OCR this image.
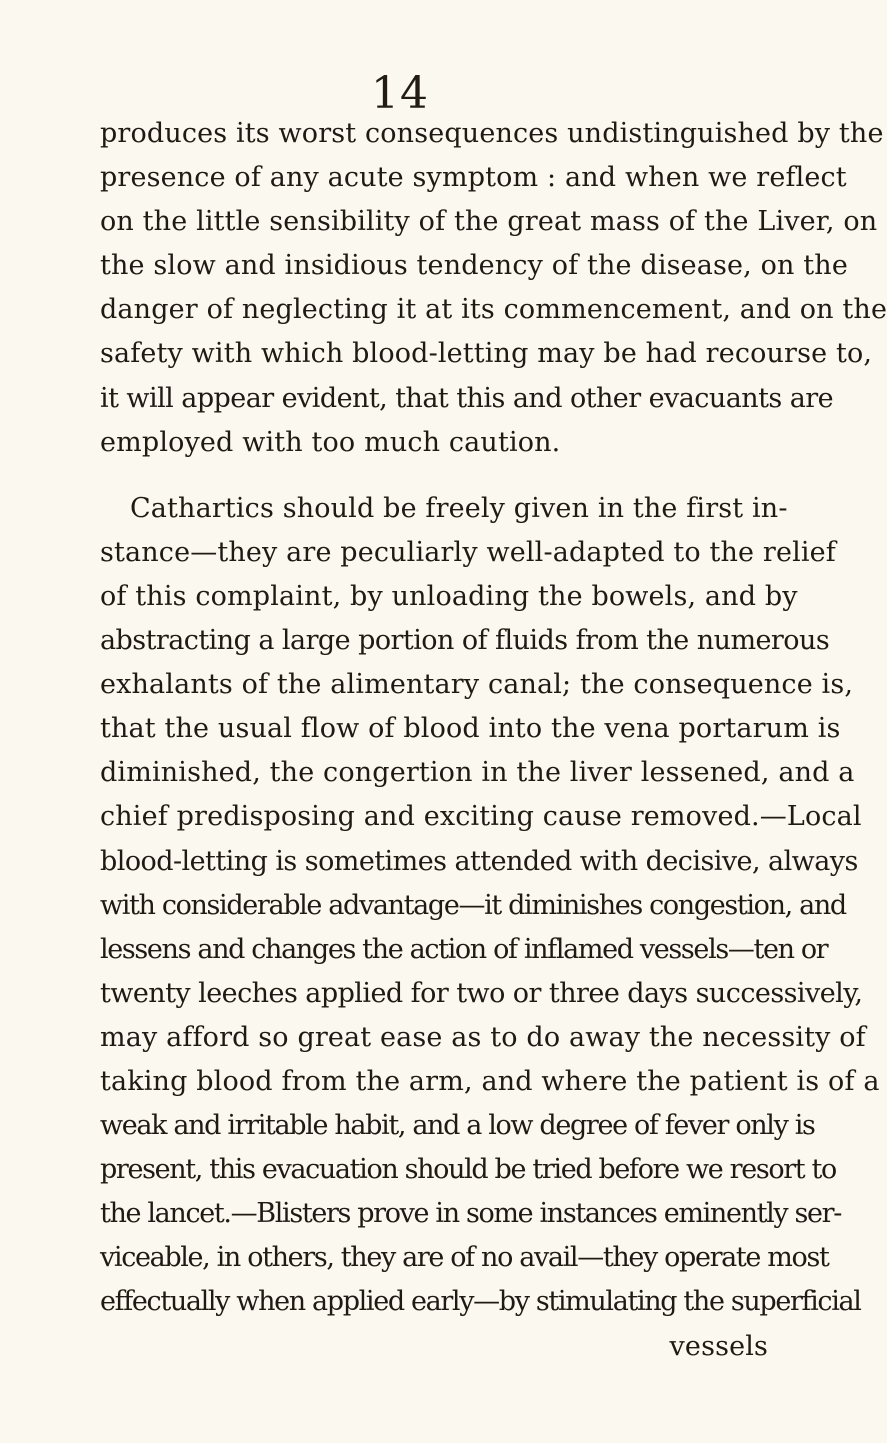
14
produces its worst consequences undistinguished by the
presence of any acute symptom : and when we reflect
on the little sensibility of the great mass of the Liver, on
the slow and insidious tendency of the disease, on the
danger of neglecting it at its commencement, and on the
safety with which blood-letting may be had recourse to,
it will appear evident, that this and other evacuants are
employed with too much caution.
Cathartics should be freely given in the first in-
stance—they are peculiarly well-adapted to the relief
of this complaint, by unloading the bowels, and by
abstracting a large portion of fluids from the numerous
exhalants of the alimentary canal; the consequence is,
that the usual flow of blood into the vena portarum is
diminished, the congertion in the liver lessened, and a
chief predisposing and exciting cause removed.—Local
blood-letting is sometimes attended with decisive, always
with considerable advantage—it diminishes congestion, and
lessens and changes the action of inflamed vessels—ten or
twenty leeches applied for two or three days successively,
may afford so great ease as to do away the necessity of
taking blood from the arm, and where the patient is of a
weak and irritable habit, and a low degree of fever only is
present, this evacuation should be tried before we resort to
the lancet.—Blisters prove in some instances eminently ser-
viceable, in others, they are of no avail—they operate most
effectually when applied early—by stimulating the superficial
vessels
